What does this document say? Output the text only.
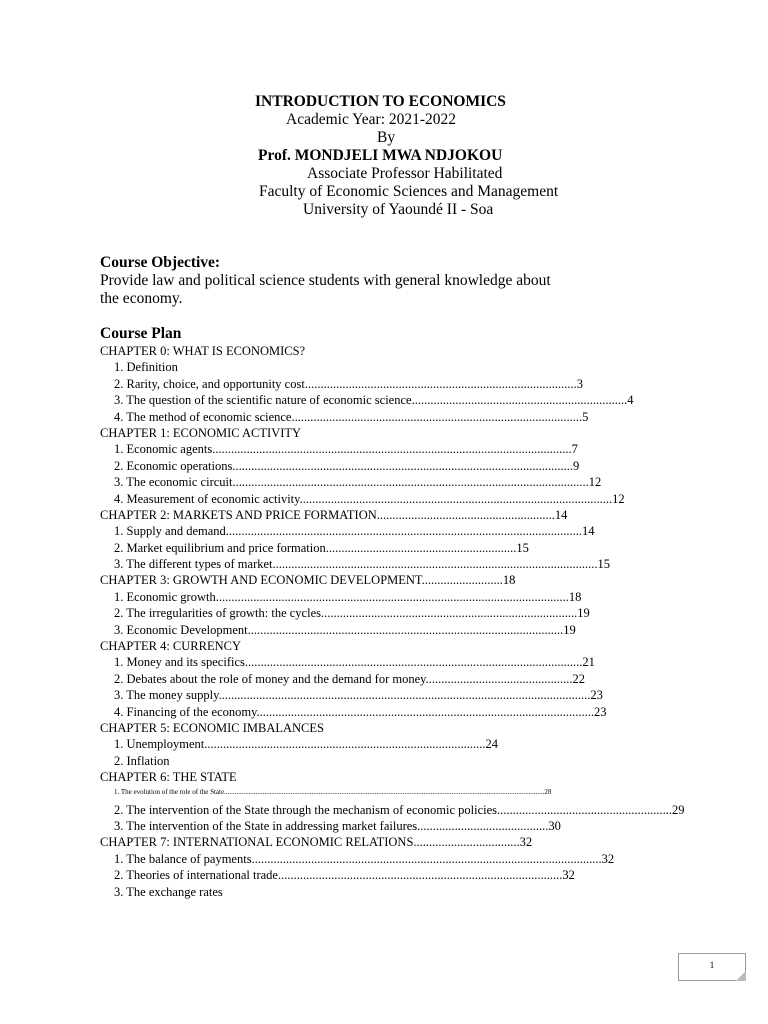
INTRODUCTION TO ECONOMICS
Academic Year: 2021-2022
By
Prof. MONDJELI MWA NDJOKOU
Associate Professor Habilitated
Faculty of Economic Sciences and Management
University of Yaoundé II - Soa
Course Objective:

Provide law and political science students with general knowledge about

the economy.

Course Plan
CHAPTER 0: WHAT IS ECONOMICS?
1. Definition
2. Rarity, choice, and opportunity cost.......................................................................................3
3. The question of the scientific nature of economic science.....................................................................4
4. The method of economic science.............................................................................................5
CHAPTER 1: ECONOMIC ACTIVITY
1. Economic agents...................................................................................................................7
2. Economic operations.............................................................................................................9
3. The economic circuit..................................................................................................................12
4. Measurement of economic activity....................................................................................................12
CHAPTER 2: MARKETS AND PRICE FORMATION.........................................................14
1. Supply and demand..................................................................................................................14
2. Market equilibrium and price formation.............................................................15
3. The different types of market........................................................................................................15
CHAPTER 3: GROWTH AND ECONOMIC DEVELOPMENT..........................18
1. Economic growth.................................................................................................................18
2. The irregularities of growth: the cycles..................................................................................19
3. Economic Development.....................................................................................................19
CHAPTER 4: CURRENCY
1. Money and its specifics............................................................................................................21
2. Debates about the role of money and the demand for money...............................................22
3. The money supply.......................................................................................................................23
4. Financing of the economy............................................................................................................23
CHAPTER 5: ECONOMIC IMBALANCES
1. Unemployment..........................................................................................24
2. Inflation
CHAPTER 6: THE STATE
1. The evolution of the role of the State.......................................................................................................................................................................................28
2. The intervention of the State through the mechanism of economic policies........................................................29
3. The intervention of the State in addressing market failures..........................................30
CHAPTER 7: INTERNATIONAL ECONOMIC RELATIONS..................................32
1. The balance of payments................................................................................................................32
2. Theories of international trade...........................................................................................32
3. The exchange rates
1
